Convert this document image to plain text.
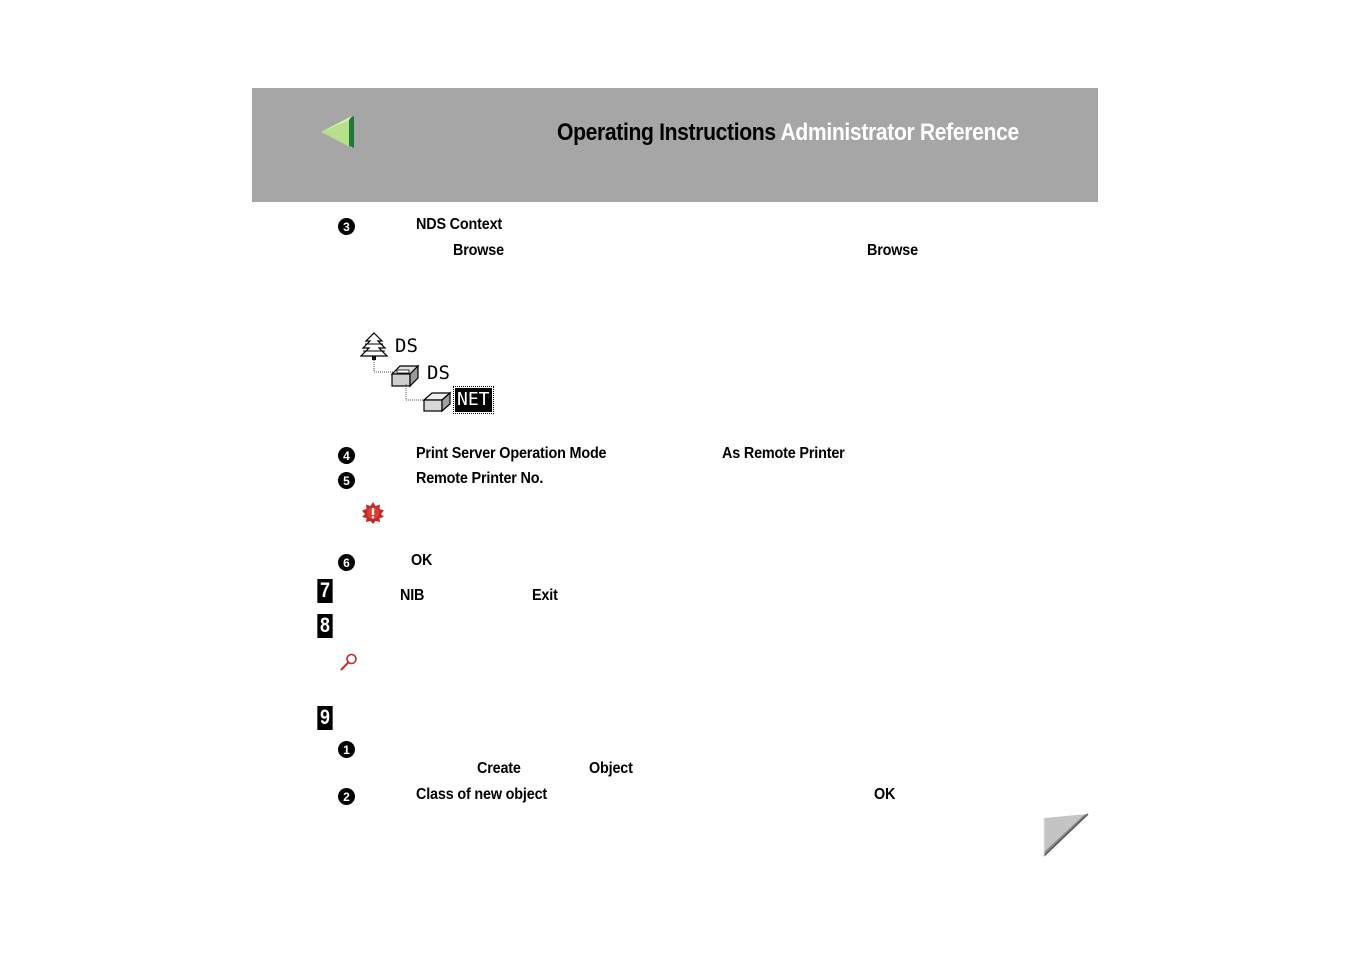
Operating Instructions Administrator Reference
3	NDS Context
Browse	Browse
DS
DS
NET
4	Print Server Operation Mode	As Remote Printer
5	Remote Printer No.
6	OK
7	NIB	Exit
8
9
1
Create	Object
2	Class of new object	OK
